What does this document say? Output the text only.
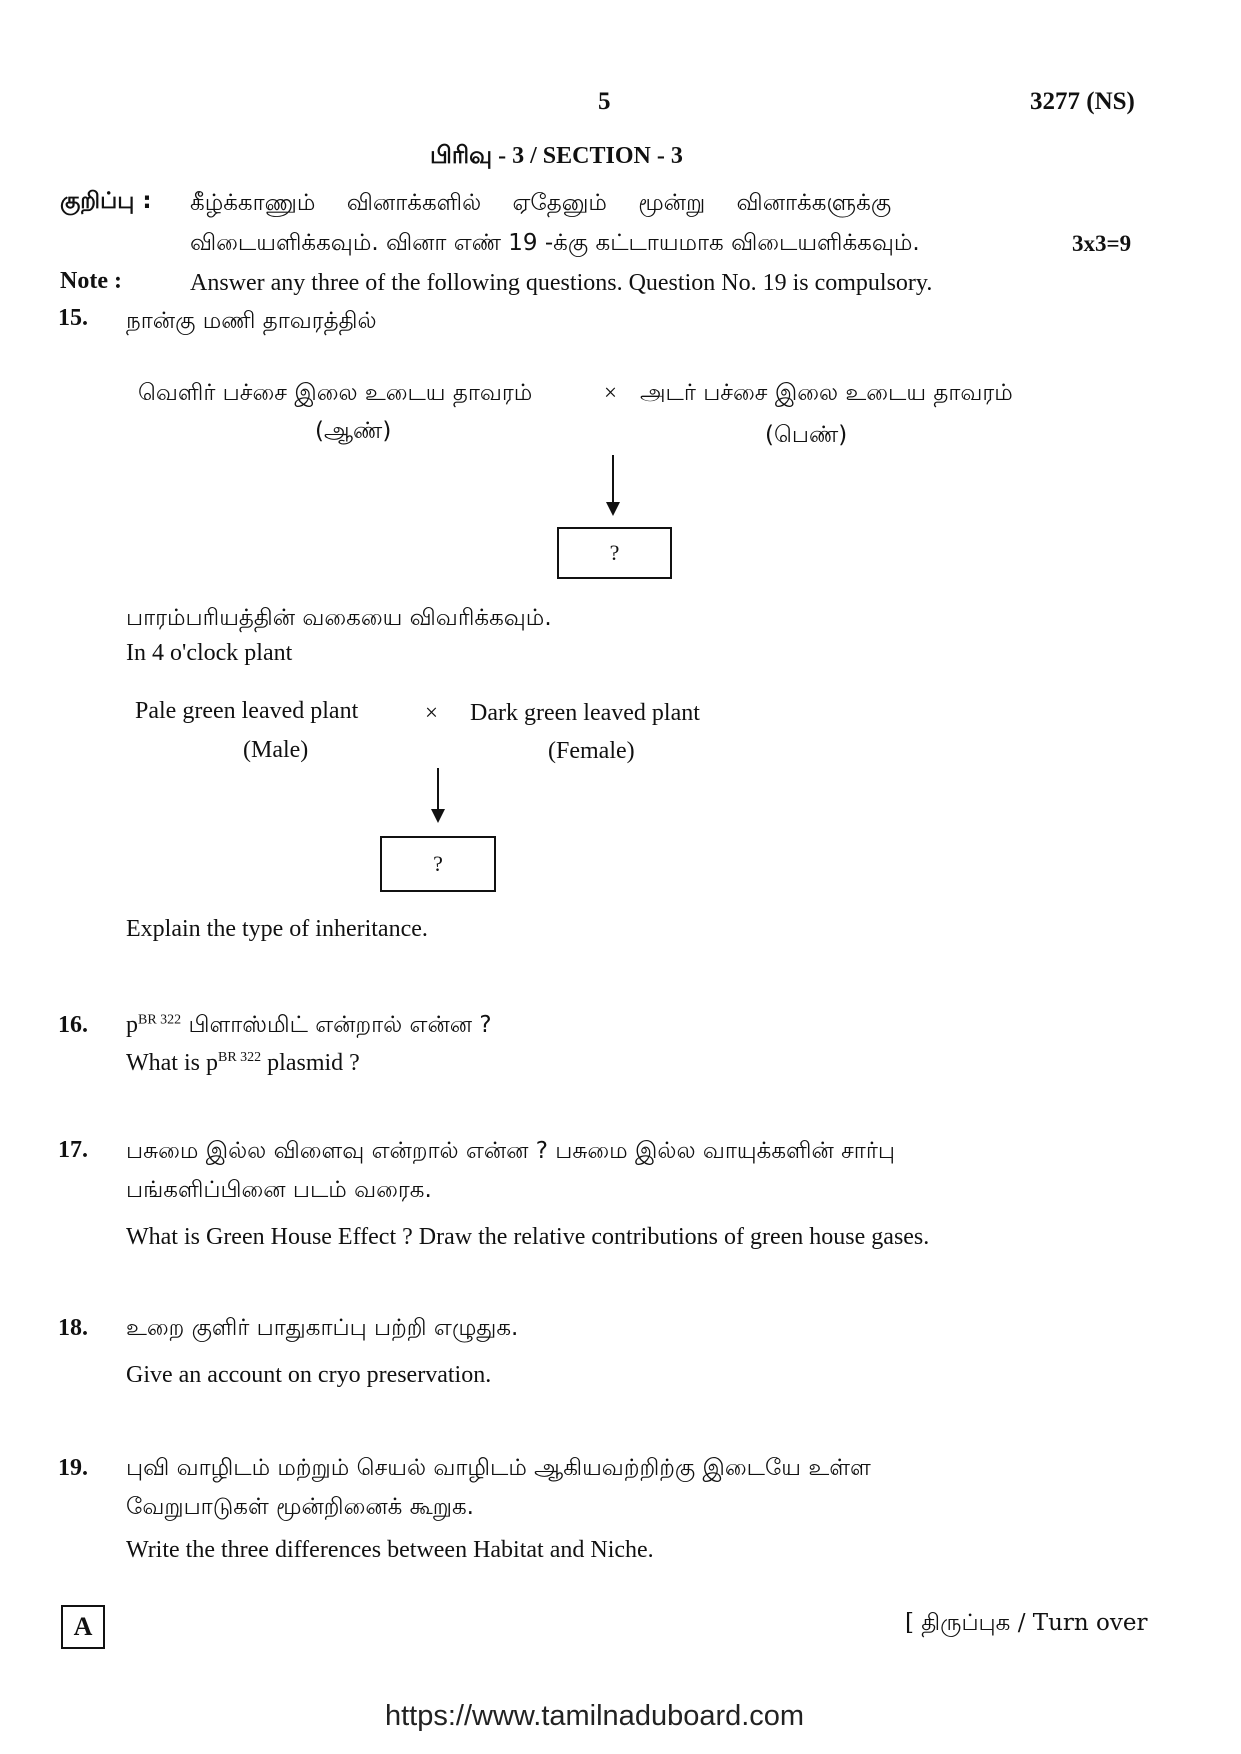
5	3277 (NS)
பிரிவு - 3 / SECTION - 3
குறிப்பு : கீழ்க்காணும் வினாக்களில் ஏதேனும் மூன்று வினாக்களுக்கு
விடையளிக்கவும். வினா எண் 19 -க்கு கட்டாயமாக விடையளிக்கவும்.	3x3=9
Note :	Answer any three of the following questions. Question No. 19 is compulsory.
15. நான்கு மணி தாவரத்தில்
வெளிர் பச்சை இலை உடைய தாவரம்	× அடர் பச்சை இலை உடைய தாவரம்
(ஆண்)	(பெண்)
?
பாரம்பரியத்தின் வகையை விவரிக்கவும்.
In 4 o'clock plant
Pale green leaved plant	× Dark green leaved plant
(Male)	(Female)
?
Explain the type of inheritance.
16. $p^{BR 322}$ பிளாஸ்மிட் என்றால் என்ன ?
What is $p^{BR 322}$ plasmid ?
17. பசுமை இல்ல விளைவு என்றால் என்ன ? பசுமை இல்ல வாயுக்களின் சார்பு
பங்களிப்பினை படம் வரைக.
What is Green House Effect ? Draw the relative contributions of green house gases.
18. உறை குளிர் பாதுகாப்பு பற்றி எழுதுக.
Give an account on cryo preservation.
19. புவி வாழிடம் மற்றும் செயல் வாழிடம் ஆகியவற்றிற்கு இடையே உள்ள
வேறுபாடுகள் மூன்றினைக் கூறுக.
Write the three differences between Habitat and Niche.
A	[ திருப்புக / Turn over
https://www.tamilnaduboard.com
